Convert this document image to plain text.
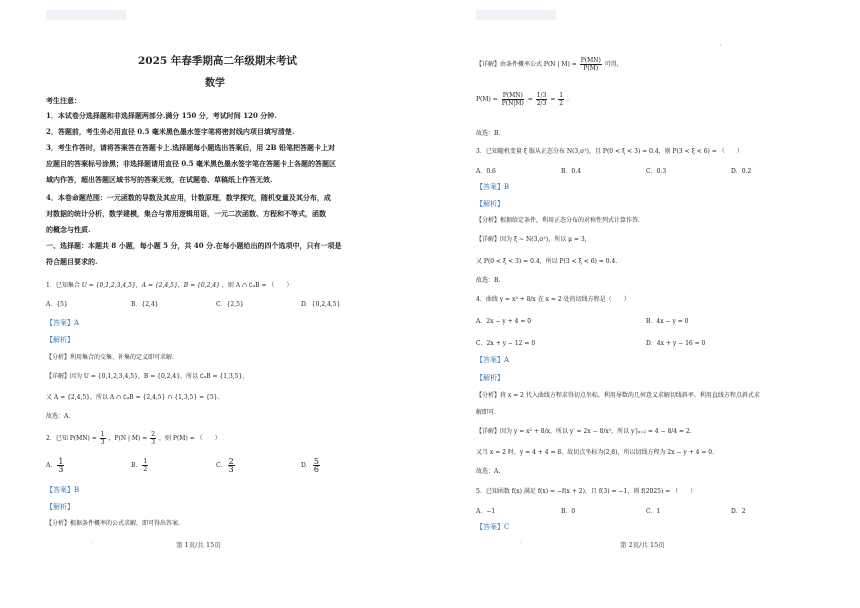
2025 年春季期高二年级期末考试
数学
考生注意：
1．本试卷分选择题和非选择题两部分.满分 150 分，考试时间 120 分钟.
2．答题前，考生务必用直径 0.5 毫米黑色墨水签字笔将密封线内项目填写清楚.
3．考生作答时，请将答案答在答题卡上.选择题每小题选出答案后，用 2B 铅笔把答题卡上对
应题目的答案标号涂黑；非选择题请用直径 0.5 毫米黑色墨水签字笔在答题卡上各题的答题区
域内作答，超出答题区域书写的答案无效，在试题卷、草稿纸上作答无效.
4．本卷命题范围：一元函数的导数及其应用，计数原理，数学探究，随机变量及其分布，成
对数据的统计分析，数学建模，集合与常用逻辑用语，一元二次函数、方程和不等式，函数
的概念与性质.
一、选择题：本题共 8 小题，每小题 5 分，共 40 分.在每小题给出的四个选项中，只有一项是
符合题目要求的.
1．已知集合 U = {0,1,2,3,4,5}，A = {2,4,5}，B = {0,2,4} ，则 A ∩ ∁ᵤB = （　　）
A．{5}	B．{2,4}	C．{2,5}	D．{0,2,4,5}
【答案】A
【解析】
【分析】利用集合的交集、补集的定义即可求解.
【详解】因为 U = {0,1,2,3,4,5}，B = {0,2,4}，所以 ∁ᵤB = {1,3,5}，
又 A = {2,4,5}，所以 A ∩ ∁ᵤB = {2,4,5} ∩ {1,3,5} = {5}.
故选：A.
2．已知 $P(MN) = \frac{1}{3}$ ，P(N | $M) = \frac{2}{3}$ ，则 P(M) = （　　）
A． $\frac{1}{3}$	B． $\frac{1}{2}$	C． $\frac{2}{3}$	D． $\frac{5}{6}$
【答案】B
【解析】
【分析】根据条件概率的公式求解，即可得出答案.
.	第 1页/共 15页
'
【详解】由条件概率公式 P(N | $M) = \frac{P(MN)}{P(M)}$ 可得，
$P(M) = \frac{P(MN)}{P(N|M)} = \frac{1/3}{2/3} = \frac{1}{2}$ .
故选：B.
3．已知随机变量 ξ 服从正态分布 N(3,σ²)，且 P(0 < ξ < 3) = 0.4，则 P(3 < ξ < 6) = （　　）
A．0.6	B．0.4	C．0.3	D．0.2
【答案】B
【解析】
【分析】根据给定条件，利用正态分布的对称性列式计算作答.
【详解】因为 ξ ~ N(3,σ²)，所以 μ = 3，
又 P(0 < ξ < 3) = 0.4，所以 P(3 < ξ < 6) = 0.4.
故选：B.
4．曲线 y = x² + 8/x 在 x = 2 处的切线方程是（　　）
A．2x − y + 4 = 0	B．4x − y = 0
C．2x + y − 12 = 0	D．4x + y − 16 = 0
【答案】A
【解析】
【分析】将 x = 2 代入曲线方程求得切点坐标，利用导数的几何意义求解切线斜率，利用直线方程点斜式求
解即可.
【详解】因为 y = x² + 8/x，所以 y′ = 2x − 8/x²，所以 y′|ₓ₌₂ = 4 − 8/4 = 2.
又当 x = 2 时，y = 4 + 4 = 8，故切点坐标为(2,8)，所以切线方程为 2x − y + 4 = 0.
故选：A.
5．已知函数 f(x) 满足 f(x) = −f(x + 2)，且 f(3) = −1，则 f(2025) = （　　）
A．−1	B．0	C．1	D．2
【答案】C
.	第 2页/共 15页
